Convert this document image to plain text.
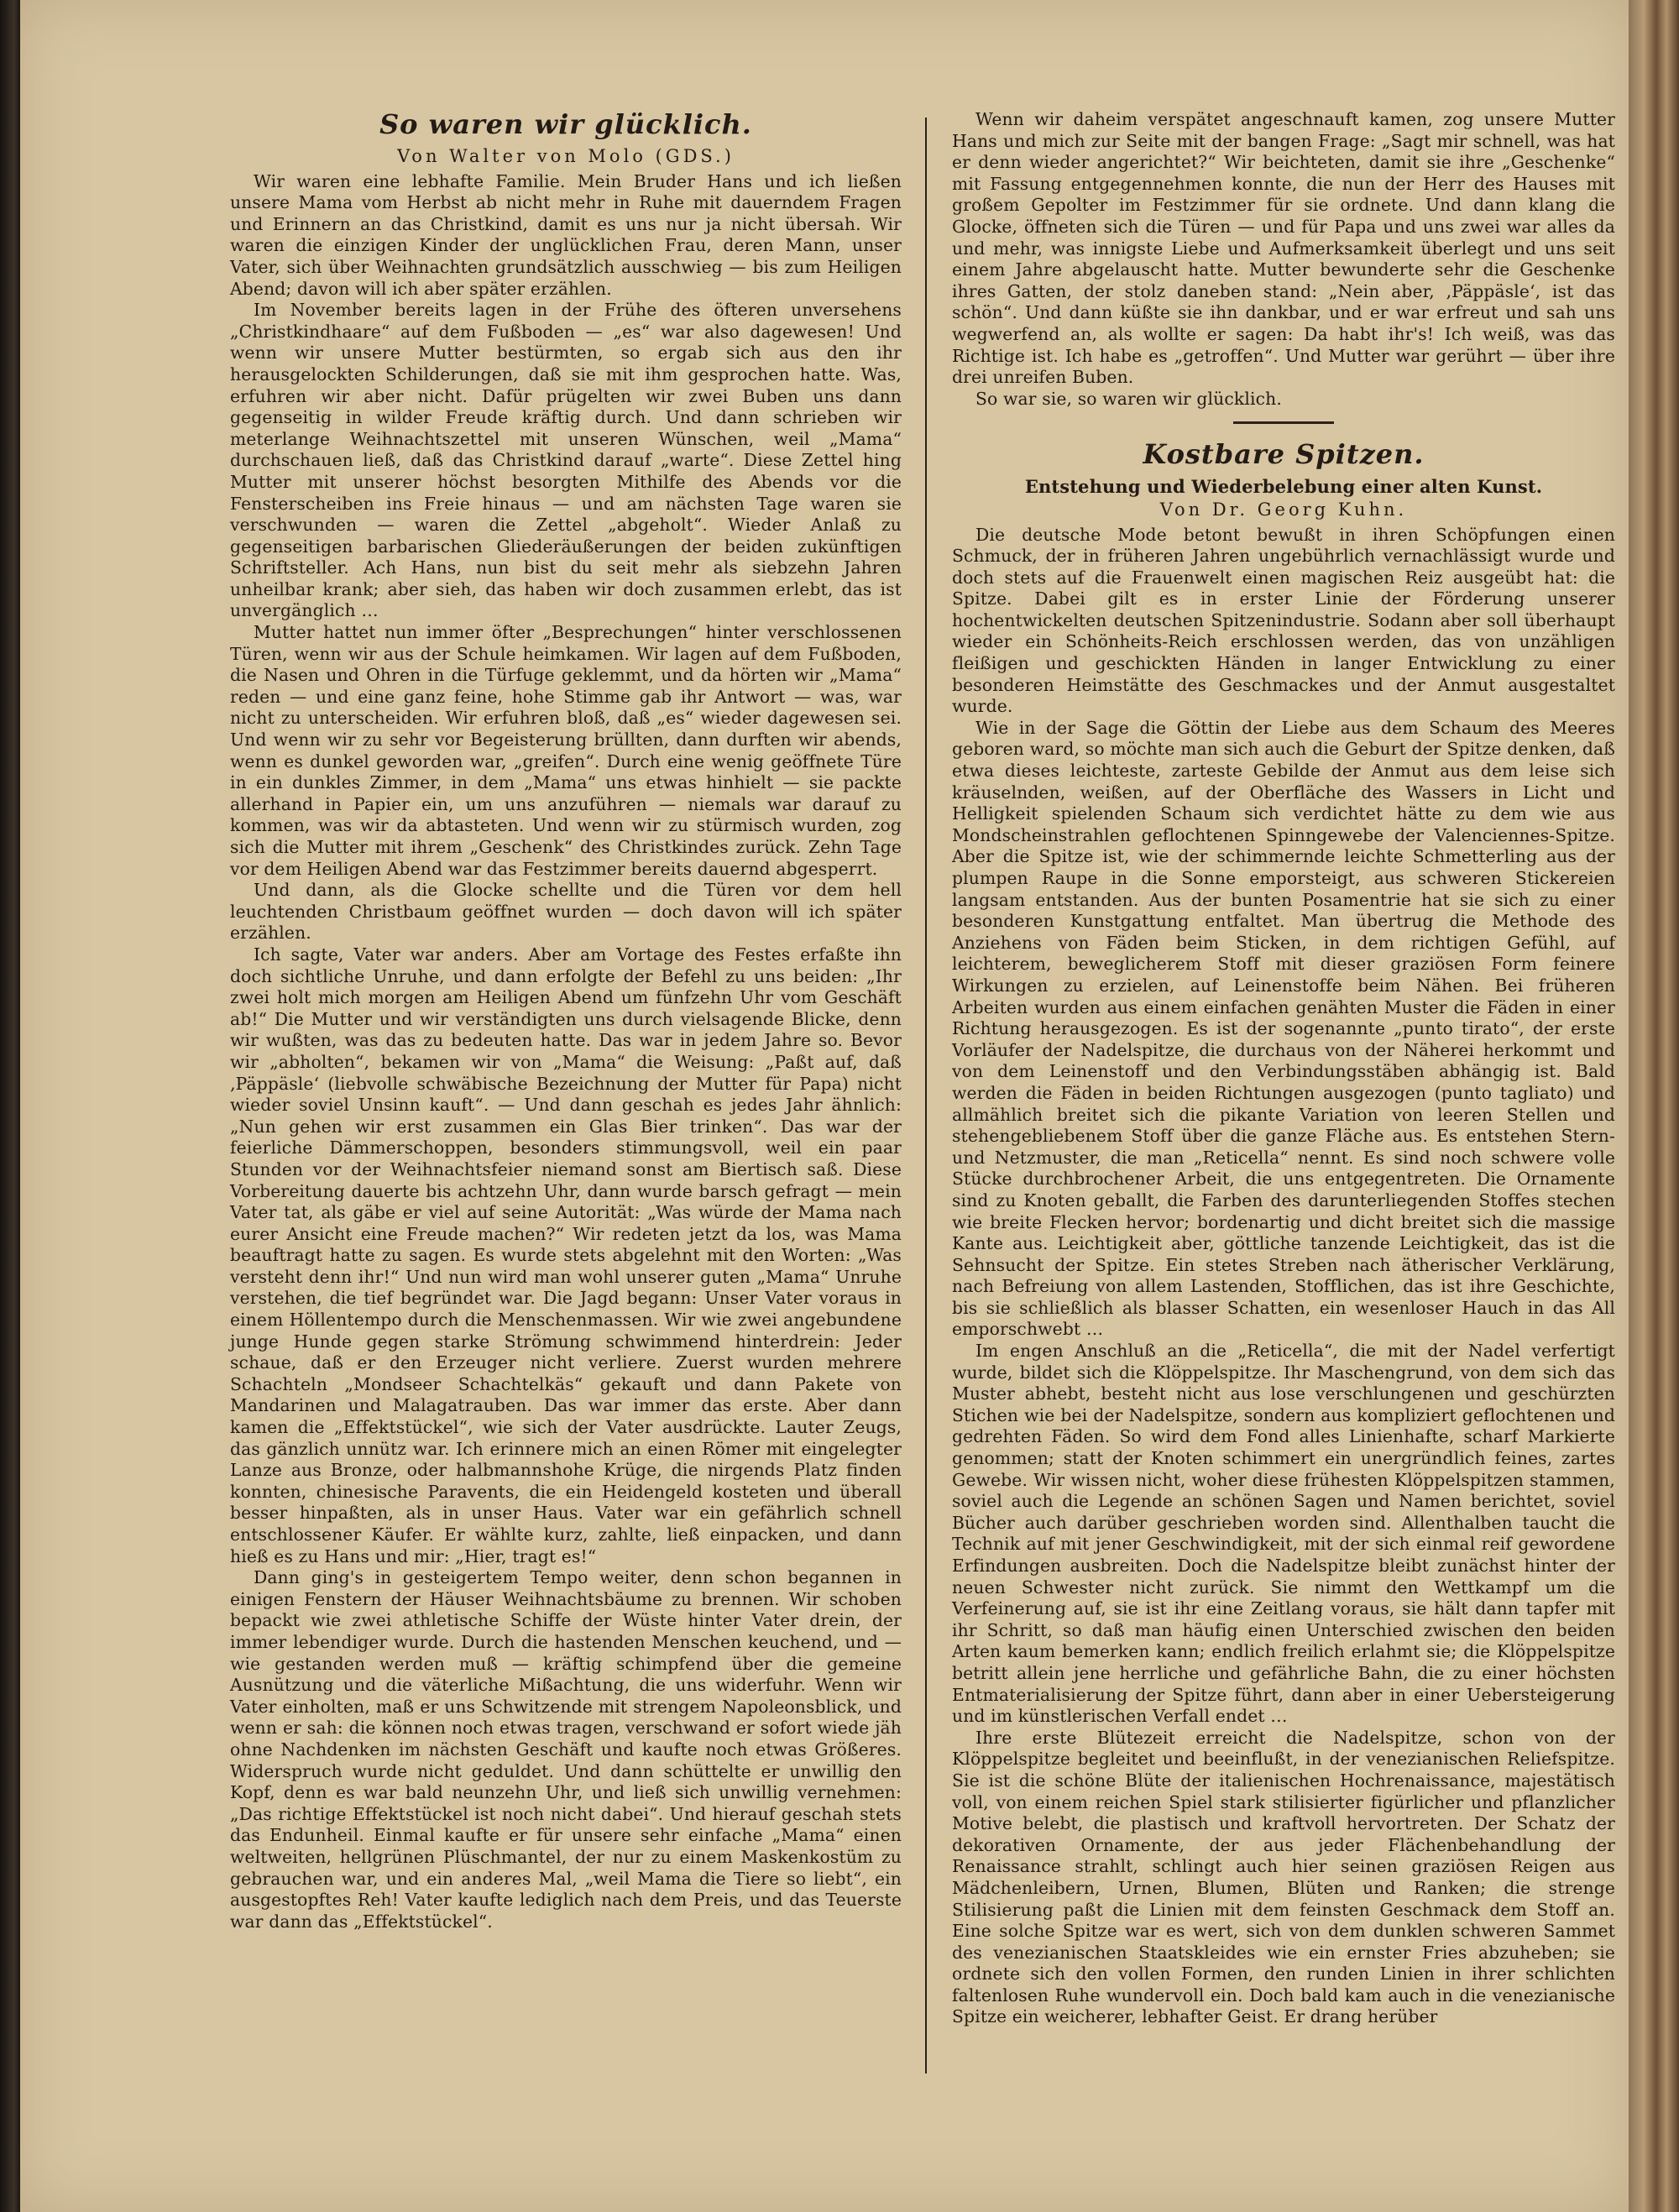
So waren wir glücklich.
Von Walter von Molo (GDS.)

Wir waren eine lebhafte Familie. Mein Bruder Hans und ich ließen unsere Mama vom Herbst ab nicht mehr in Ruhe mit dauerndem Fragen und Erinnern an das Christkind, damit es uns nur ja nicht übersah. Wir waren die einzigen Kinder der unglücklichen Frau, deren Mann, unser Vater, sich über Weihnachten grundsätzlich ausschwieg — bis zum Heiligen Abend; davon will ich aber später erzählen.

Im November bereits lagen in der Frühe des öfteren unversehens „Christkindhaare“ auf dem Fußboden — „es“ war also dagewesen! Und wenn wir unsere Mutter bestürmten, so ergab sich aus den ihr herausgelockten Schilderungen, daß sie mit ihm gesprochen hatte. Was, erfuhren wir aber nicht. Dafür prügelten wir zwei Buben uns dann gegenseitig in wilder Freude kräftig durch. Und dann schrieben wir meterlange Weihnachtszettel mit unseren Wünschen, weil „Mama“ durchschauen ließ, daß das Christkind darauf „warte“. Diese Zettel hing Mutter mit unserer höchst besorgten Mithilfe des Abends vor die Fensterscheiben ins Freie hinaus — und am nächsten Tage waren sie verschwunden — waren die Zettel „abgeholt“. Wieder Anlaß zu gegenseitigen barbarischen Gliederäußerungen der beiden zukünftigen Schriftsteller. Ach Hans, nun bist du seit mehr als siebzehn Jahren unheilbar krank; aber sieh, das haben wir doch zusammen erlebt, das ist unvergänglich …

Mutter hattet nun immer öfter „Besprechungen“ hinter verschlossenen Türen, wenn wir aus der Schule heimkamen. Wir lagen auf dem Fußboden, die Nasen und Ohren in die Türfuge geklemmt, und da hörten wir „Mama“ reden — und eine ganz feine, hohe Stimme gab ihr Antwort — was, war nicht zu unterscheiden. Wir erfuhren bloß, daß „es“ wieder dagewesen sei. Und wenn wir zu sehr vor Begeisterung brüllten, dann durften wir abends, wenn es dunkel geworden war, „greifen“. Durch eine wenig geöffnete Türe in ein dunkles Zimmer, in dem „Mama“ uns etwas hinhielt — sie packte allerhand in Papier ein, um uns anzuführen — niemals war darauf zu kommen, was wir da abtasteten. Und wenn wir zu stürmisch wurden, zog sich die Mutter mit ihrem „Geschenk“ des Christkindes zurück. Zehn Tage vor dem Heiligen Abend war das Festzimmer bereits dauernd abgesperrt.

Und dann, als die Glocke schellte und die Türen vor dem hell leuchtenden Christbaum geöffnet wurden — doch davon will ich später erzählen.

Ich sagte, Vater war anders. Aber am Vortage des Festes erfaßte ihn doch sichtliche Unruhe, und dann erfolgte der Befehl zu uns beiden: „Ihr zwei holt mich morgen am Heiligen Abend um fünfzehn Uhr vom Geschäft ab!“ Die Mutter und wir verständigten uns durch vielsagende Blicke, denn wir wußten, was das zu bedeuten hatte. Das war in jedem Jahre so. Bevor wir „abholten“, bekamen wir von „Mama“ die Weisung: „Paßt auf, daß ‚Päppäsle‘ (liebvolle schwäbische Bezeichnung der Mutter für Papa) nicht wieder soviel Unsinn kauft“. — Und dann geschah es jedes Jahr ähnlich: „Nun gehen wir erst zusammen ein Glas Bier trinken“. Das war der feierliche Dämmerschoppen, besonders stimmungsvoll, weil ein paar Stunden vor der Weihnachtsfeier niemand sonst am Biertisch saß. Diese Vorbereitung dauerte bis achtzehn Uhr, dann wurde barsch gefragt — mein Vater tat, als gäbe er viel auf seine Autorität: „Was würde der Mama nach eurer Ansicht eine Freude machen?“ Wir redeten jetzt da los, was Mama beauftragt hatte zu sagen. Es wurde stets abgelehnt mit den Worten: „Was versteht denn ihr!“ Und nun wird man wohl unserer guten „Mama“ Unruhe verstehen, die tief begründet war. Die Jagd begann: Unser Vater voraus in einem Höllentempo durch die Menschenmassen. Wir wie zwei angebundene junge Hunde gegen starke Strömung schwimmend hinterdrein: Jeder schaue, daß er den Erzeuger nicht verliere. Zuerst wurden mehrere Schachteln „Mondseer Schachtelkäs“ gekauft und dann Pakete von Mandarinen und Malagatrauben. Das war immer das erste. Aber dann kamen die „Effektstückel“, wie sich der Vater ausdrückte. Lauter Zeugs, das gänzlich unnütz war. Ich erinnere mich an einen Römer mit eingelegter Lanze aus Bronze, oder halbmannshohe Krüge, die nirgends Platz finden konnten, chinesische Paravents, die ein Heidengeld kosteten und überall besser hinpaßten, als in unser Haus. Vater war ein gefährlich schnell entschlossener Käufer. Er wählte kurz, zahlte, ließ einpacken, und dann hieß es zu Hans und mir: „Hier, tragt es!“

Dann ging's in gesteigertem Tempo weiter, denn schon begannen in einigen Fenstern der Häuser Weihnachtsbäume zu brennen. Wir schoben bepackt wie zwei athletische Schiffe der Wüste hinter Vater drein, der immer lebendiger wurde. Durch die hastenden Menschen keuchend, und — wie gestanden werden muß — kräftig schimpfend über die gemeine Ausnützung und die väterliche Mißachtung, die uns widerfuhr. Wenn wir Vater einholten, maß er uns Schwitzende mit strengem Napoleonsblick, und wenn er sah: die können noch etwas tragen, verschwand er sofort wiede jäh ohne Nachdenken im nächsten Geschäft und kaufte noch etwas Größeres. Widerspruch wurde nicht geduldet. Und dann schüttelte er unwillig den Kopf, denn es war bald neunzehn Uhr, und ließ sich unwillig vernehmen: „Das richtige Effektstückel ist noch nicht dabei“. Und hierauf geschah stets das Endunheil. Einmal kaufte er für unsere sehr einfache „Mama“ einen weltweiten, hellgrünen Plüschmantel, der nur zu einem Maskenkostüm zu gebrauchen war, und ein anderes Mal, „weil Mama die Tiere so liebt“, ein ausgestopftes Reh! Vater kaufte lediglich nach dem Preis, und das Teuerste war dann das „Effektstückel“.

Wenn wir daheim verspätet angeschnauft kamen, zog unsere Mutter Hans und mich zur Seite mit der bangen Frage: „Sagt mir schnell, was hat er denn wieder angerichtet?“ Wir beichteten, damit sie ihre „Geschenke“ mit Fassung entgegennehmen konnte, die nun der Herr des Hauses mit großem Gepolter im Festzimmer für sie ordnete. Und dann klang die Glocke, öffneten sich die Türen — und für Papa und uns zwei war alles da und mehr, was innigste Liebe und Aufmerksamkeit überlegt und uns seit einem Jahre abgelauscht hatte. Mutter bewunderte sehr die Geschenke ihres Gatten, der stolz daneben stand: „Nein aber, ‚Päppäsle‘, ist das schön“. Und dann küßte sie ihn dankbar, und er war erfreut und sah uns wegwerfend an, als wollte er sagen: Da habt ihr's! Ich weiß, was das Richtige ist. Ich habe es „getroffen“. Und Mutter war gerührt — über ihre drei unreifen Buben.

So war sie, so waren wir glücklich.

Kostbare Spitzen.
Entstehung und Wiederbelebung einer alten Kunst.
Von Dr. Georg Kuhn.

Die deutsche Mode betont bewußt in ihren Schöpfungen einen Schmuck, der in früheren Jahren ungebührlich vernachlässigt wurde und doch stets auf die Frauenwelt einen magischen Reiz ausgeübt hat: die Spitze. Dabei gilt es in erster Linie der Förderung unserer hochentwickelten deutschen Spitzenindustrie. Sodann aber soll überhaupt wieder ein Schönheits-Reich erschlossen werden, das von unzähligen fleißigen und geschickten Händen in langer Entwicklung zu einer besonderen Heimstätte des Geschmackes und der Anmut ausgestaltet wurde.

Wie in der Sage die Göttin der Liebe aus dem Schaum des Meeres geboren ward, so möchte man sich auch die Geburt der Spitze denken, daß etwa dieses leichteste, zarteste Gebilde der Anmut aus dem leise sich kräuselnden, weißen, auf der Oberfläche des Wassers in Licht und Helligkeit spielenden Schaum sich verdichtet hätte zu dem wie aus Mondscheinstrahlen geflochtenen Spinngewebe der Valenciennes-Spitze. Aber die Spitze ist, wie der schimmernde leichte Schmetterling aus der plumpen Raupe in die Sonne emporsteigt, aus schweren Stickereien langsam entstanden. Aus der bunten Posamentrie hat sie sich zu einer besonderen Kunstgattung entfaltet. Man übertrug die Methode des Anziehens von Fäden beim Sticken, in dem richtigen Gefühl, auf leichterem, beweglicherem Stoff mit dieser graziösen Form feinere Wirkungen zu erzielen, auf Leinenstoffe beim Nähen. Bei früheren Arbeiten wurden aus einem einfachen genähten Muster die Fäden in einer Richtung herausgezogen. Es ist der sogenannte „punto tirato“, der erste Vorläufer der Nadelspitze, die durchaus von der Näherei herkommt und von dem Leinenstoff und den Verbindungsstäben abhängig ist. Bald werden die Fäden in beiden Richtungen ausgezogen (punto tagliato) und allmählich breitet sich die pikante Variation von leeren Stellen und stehengebliebenem Stoff über die ganze Fläche aus. Es entstehen Stern- und Netzmuster, die man „Reticella“ nennt. Es sind noch schwere volle Stücke durchbrochener Arbeit, die uns entgegentreten. Die Ornamente sind zu Knoten geballt, die Farben des darunterliegenden Stoffes stechen wie breite Flecken hervor; bordenartig und dicht breitet sich die massige Kante aus. Leichtigkeit aber, göttliche tanzende Leichtigkeit, das ist die Sehnsucht der Spitze. Ein stetes Streben nach ätherischer Verklärung, nach Befreiung von allem Lastenden, Stofflichen, das ist ihre Geschichte, bis sie schließlich als blasser Schatten, ein wesenloser Hauch in das All emporschwebt …

Im engen Anschluß an die „Reticella“, die mit der Nadel verfertigt wurde, bildet sich die Klöppelspitze. Ihr Maschengrund, von dem sich das Muster abhebt, besteht nicht aus lose verschlungenen und geschürzten Stichen wie bei der Nadelspitze, sondern aus kompliziert geflochtenen und gedrehten Fäden. So wird dem Fond alles Linienhafte, scharf Markierte genommen; statt der Knoten schimmert ein unergründlich feines, zartes Gewebe. Wir wissen nicht, woher diese frühesten Klöppelspitzen stammen, soviel auch die Legende an schönen Sagen und Namen berichtet, soviel Bücher auch darüber geschrieben worden sind. Allenthalben taucht die Technik auf mit jener Geschwindigkeit, mit der sich einmal reif gewordene Erfindungen ausbreiten. Doch die Nadelspitze bleibt zunächst hinter der neuen Schwester nicht zurück. Sie nimmt den Wettkampf um die Verfeinerung auf, sie ist ihr eine Zeitlang voraus, sie hält dann tapfer mit ihr Schritt, so daß man häufig einen Unterschied zwischen den beiden Arten kaum bemerken kann; endlich freilich erlahmt sie; die Klöppelspitze betritt allein jene herrliche und gefährliche Bahn, die zu einer höchsten Entmaterialisierung der Spitze führt, dann aber in einer Uebersteigerung und im künstlerischen Verfall endet …

Ihre erste Blütezeit erreicht die Nadelspitze, schon von der Klöppelspitze begleitet und beeinflußt, in der venezianischen Reliefspitze. Sie ist die schöne Blüte der italienischen Hochrenaissance, majestätisch voll, von einem reichen Spiel stark stilisierter figürlicher und pflanzlicher Motive belebt, die plastisch und kraftvoll hervortreten. Der Schatz der dekorativen Ornamente, der aus jeder Flächenbehandlung der Renaissance strahlt, schlingt auch hier seinen graziösen Reigen aus Mädchenleibern, Urnen, Blumen, Blüten und Ranken; die strenge Stilisierung paßt die Linien mit dem feinsten Geschmack dem Stoff an. Eine solche Spitze war es wert, sich von dem dunklen schweren Sammet des venezianischen Staatskleides wie ein ernster Fries abzuheben; sie ordnete sich den vollen Formen, den runden Linien in ihrer schlichten faltenlosen Ruhe wundervoll ein. Doch bald kam auch in die venezianische Spitze ein weicherer, lebhafter Geist. Er drang herüber
